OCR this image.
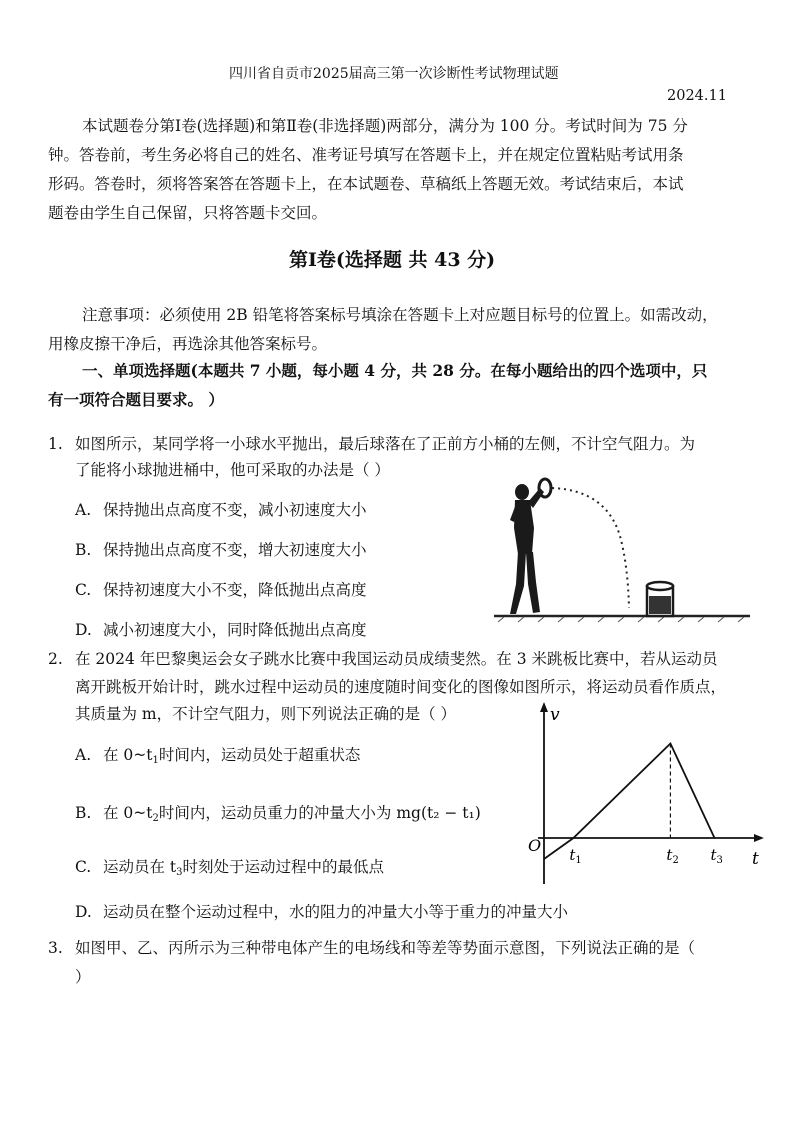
四川省自贡市2025届高三第一次诊断性考试物理试题
2024.11
本试题卷分第Ⅰ卷(选择题)和第Ⅱ卷(非选择题)两部分，满分为 100 分。考试时间为 75 分
钟。答卷前，考生务必将自己的姓名、准考证号填写在答题卡上，并在规定位置粘贴考试用条
形码。答卷时，须将答案答在答题卡上，在本试题卷、草稿纸上答题无效。考试结束后，本试
题卷由学生自己保留，只将答题卡交回。
第Ⅰ卷(选择题 共 43 分)
注意事项：必须使用 2B 铅笔将答案标号填涂在答题卡上对应题目标号的位置上。如需改动，
用橡皮擦干净后，再选涂其他答案标号。
一、单项选择题(本题共 7 小题，每小题 4 分，共 28 分。在每小题给出的四个选项中，只
有一项符合题目要求。 ）
1. 如图所示，某同学将一小球水平抛出，最后球落在了正前方小桶的左侧，不计空气阻力。为
了能将小球抛进桶中，他可采取的办法是（ ）
A. 保持抛出点高度不变，减小初速度大小
B. 保持抛出点高度不变，增大初速度大小
C. 保持初速度大小不变，降低抛出点高度
D. 减小初速度大小，同时降低抛出点高度
2. 在 2024 年巴黎奥运会女子跳水比赛中我国运动员成绩斐然。在 3 米跳板比赛中，若从运动员
离开跳板开始计时，跳水过程中运动员的速度随时间变化的图像如图所示，将运动员看作质点，
其质量为 m，不计空气阻力，则下列说法正确的是（ ）
A. 在 $0\sim t_1$时间内，运动员处于超重状态
B. 在 $0\sim t_2$时间内，运动员重力的冲量大小为 mg(t₂ − t₁)
C. 运动员在 $t_3$时刻处于运动过程中的最低点
D. 运动员在整个运动过程中，水的阻力的冲量大小等于重力的冲量大小
v
t
O $t_1$	$t_2$ $t_3$
3. 如图甲、乙、丙所示为三种带电体产生的电场线和等差等势面示意图，下列说法正确的是（
）
